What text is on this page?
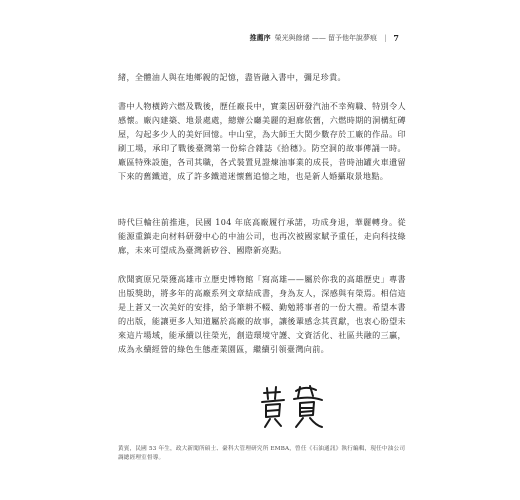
推薦序 榮光與餘緒 —— 留予他年說夢痕 | 7

緒，全體油人與在地鄉親的記憶，盡皆融入書中，彌足珍貴。

書中人物橫跨六燃及戰後，歷任廠長中，實業因研發汽油不幸殉職、特別令人感懷。廠內建築、地景處處，總辦公廳美麗的迴廊依舊，六燃時期的洞構紅磚屋，勾起多少人的美好回憶。中山堂，為大師王大閎少數存於工廠的作品。印刷工場，承印了戰後臺灣第一份綜合雜誌《拾穗》。防空洞的故事傳誦一時。廠區特殊設施，各司其職，各式裝置見證煉油事業的成長，昔時油罐火車遺留下來的舊鐵道，成了許多鐵道迷懷舊追憶之地，也是新人婚攝取景地點。

時代巨輪往前推進，民國 104 年底高廠履行承諾，功成身退，華麗轉身。從能源重鎮走向材料研發中心的中油公司，也再次被國家賦予重任，走向科技綠廊，未來可望成為臺灣新矽谷、國際新亮點。

欣聞賓原兄榮獲高雄市立歷史博物館「寫高雄——屬於你我的高雄歷史」專書出版獎助，將多年的高廠系列文章結成書，身為友人，深感與有榮焉。相信這是上蒼又一次美好的安排，給予筆耕不輟、勤勉將事者的一份大禮。希望本書的出版，能讓更多人知道屬於高廠的故事，讓後輩感念其貢獻，也衷心盼望未來這片場域，能承續以往榮光，創造環境守護、文資活化、社區共融的三贏，成為永續經營的綠色生態產業園區，繼續引領臺灣向前。

黃賓，民國 53 年生，政大新聞所碩士、臺科大管理研究所 EMBA，曾任《石油通訊》執行編輯，現任中油公司調總經理室督導。
